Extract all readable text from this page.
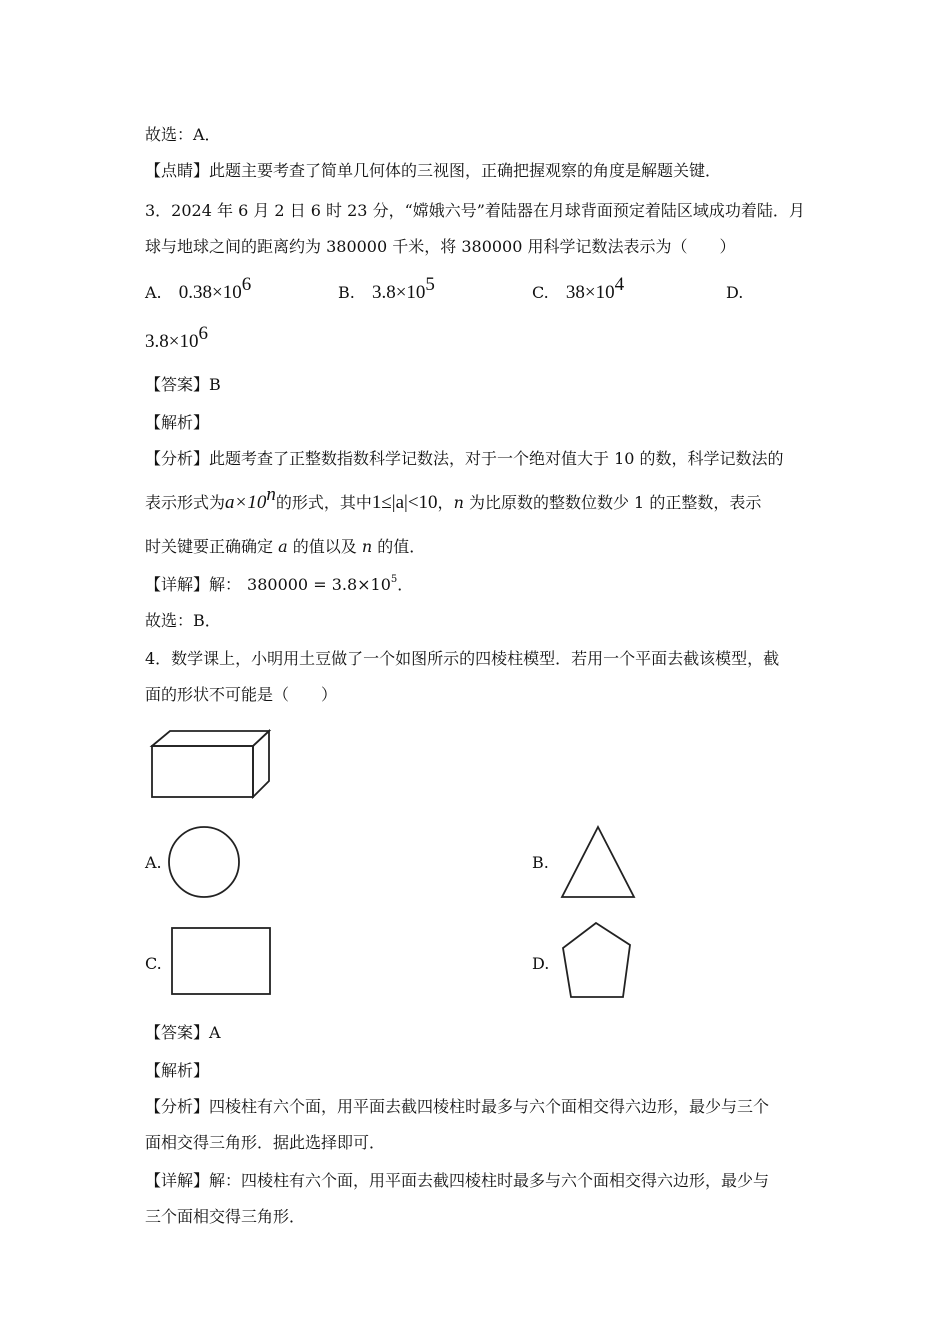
故选：A．
【点睛】此题主要考查了简单几何体的三视图，正确把握观察的角度是解题关键．
3．2024 年 6 月 2 日 6 时 23 分，“嫦娥六号”着陆器在月球背面预定着陆区域成功着陆．月
球与地球之间的距离约为 380000 千米，将 380000 用科学记数法表示为（　　）
A. $0.38\times 10^6$	B. $3.8\times 10^5$	C. $38\times 10^4$	D.
$3.8\times 10^6$
【答案】B
【解析】
【分析】此题考查了正整数指数科学记数法，对于一个绝对值大于 10 的数，科学记数法的
表示形式为$a\times 10^n$的形式，其中1≤|a|<10，n 为比原数的整数位数少 1 的正整数，表示
时关键要正确确定 a 的值以及 n 的值．
【详解】解： $380000 = 3.8\times 10^5$．
故选：B．
4．数学课上，小明用土豆做了一个如图所示的四棱柱模型．若用一个平面去截该模型，截
面的形状不可能是（　　）
A.	B.
C.	D.
【答案】A
【解析】
【分析】四棱柱有六个面，用平面去截四棱柱时最多与六个面相交得六边形，最少与三个
面相交得三角形．据此选择即可．
【详解】解：四棱柱有六个面，用平面去截四棱柱时最多与六个面相交得六边形，最少与
三个面相交得三角形．
